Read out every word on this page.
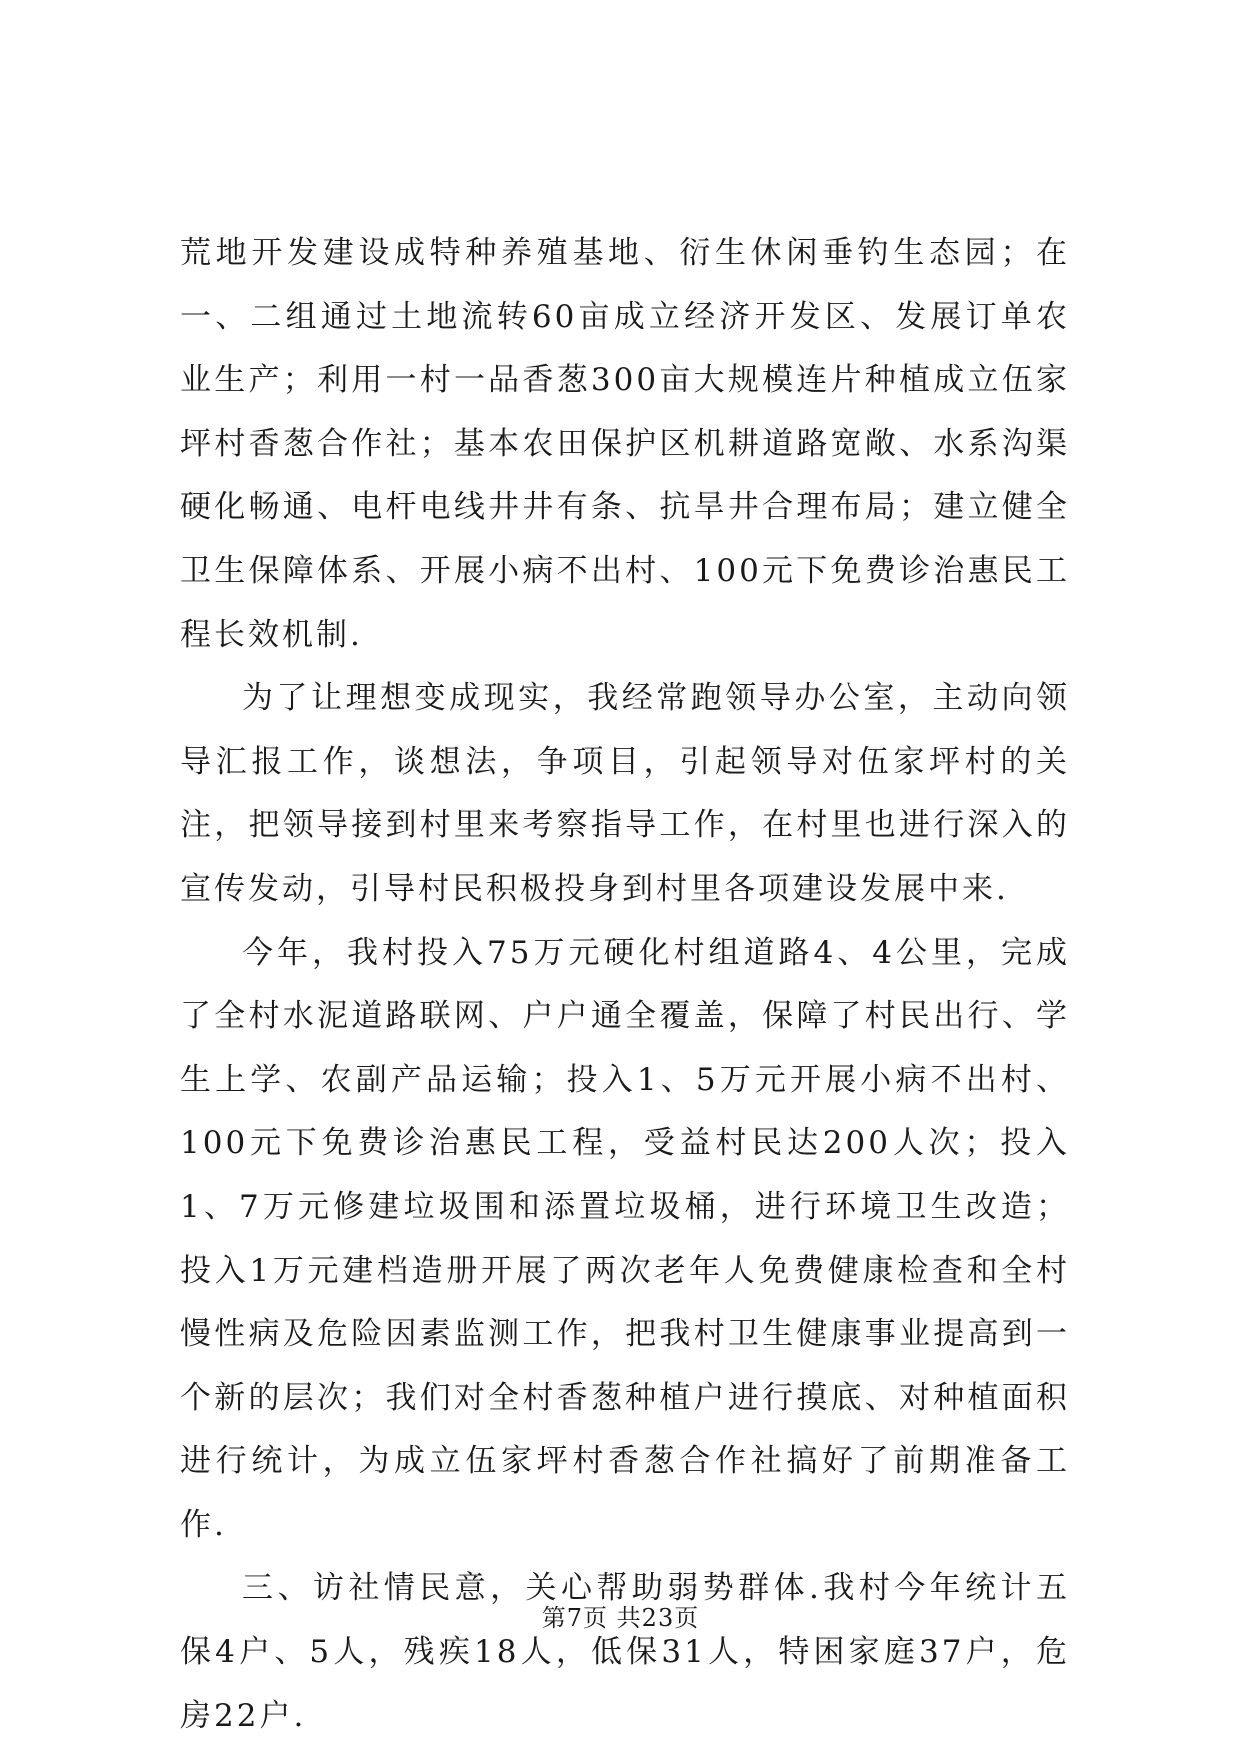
荒地开发建设成特种养殖基地、衍生休闲垂钓生态园；在一、二组通过土地流转60亩成立经济开发区、发展订单农业生产；利用一村一品香葱300亩大规模连片种植成立伍家坪村香葱合作社；基本农田保护区机耕道路宽敞、水系沟渠硬化畅通、电杆电线井井有条、抗旱井合理布局；建立健全卫生保障体系、开展小病不出村、100元下免费诊治惠民工程长效机制.

为了让理想变成现实，我经常跑领导办公室，主动向领导汇报工作，谈想法，争项目，引起领导对伍家坪村的关注，把领导接到村里来考察指导工作，在村里也进行深入的宣传发动，引导村民积极投身到村里各项建设发展中来.

今年，我村投入75万元硬化村组道路4、4公里，完成了全村水泥道路联网、户户通全覆盖，保障了村民出行、学生上学、农副产品运输；投入1、5万元开展小病不出村、100元下免费诊治惠民工程，受益村民达200人次；投入1、7万元修建垃圾围和添置垃圾桶，进行环境卫生改造；投入1万元建档造册开展了两次老年人免费健康检查和全村慢性病及危险因素监测工作，把我村卫生健康事业提高到一个新的层次；我们对全村香葱种植户进行摸底、对种植面积进行统计，为成立伍家坪村香葱合作社搞好了前期准备工作.

三、访社情民意，关心帮助弱势群体.我村今年统计五保4户、5人，残疾18人，低保31人，特困家庭37户，危房22户.

第7页 共23页
